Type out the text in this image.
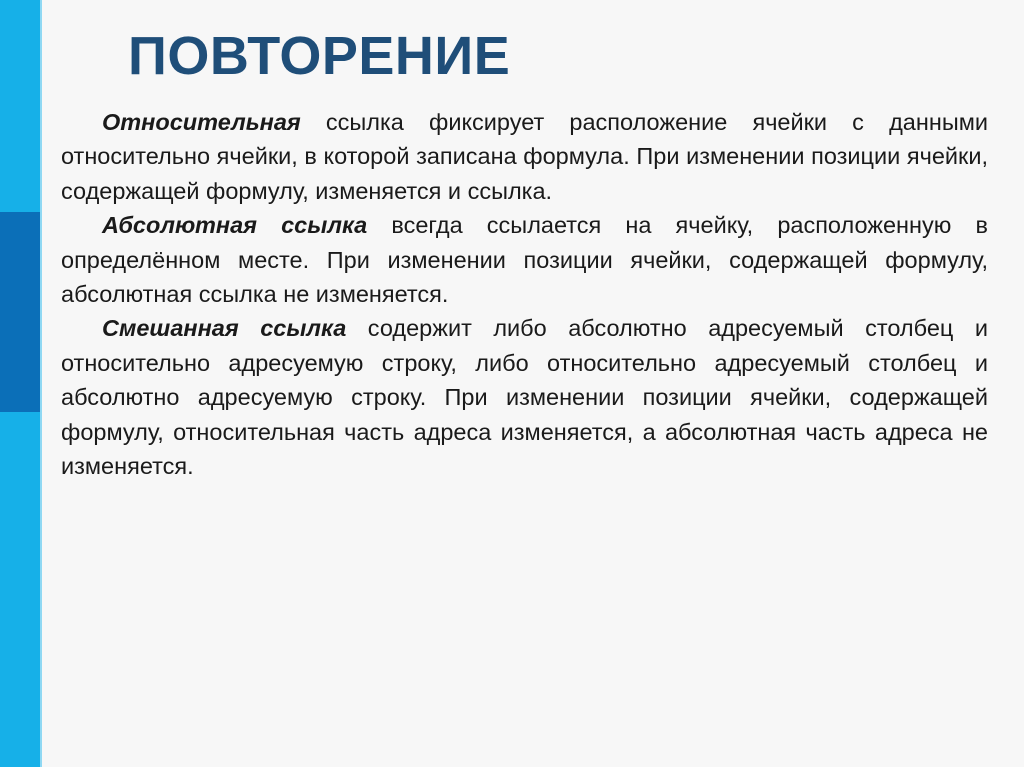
ПОВТОРЕНИЕ

Относительная ссылка фиксирует расположение ячейки с данными относительно ячейки, в которой записана формула. При изменении позиции ячейки, содержащей формулу, изменяется и ссылка.

Абсолютная ссылка всегда ссылается на ячейку, расположенную в определённом месте. При изменении позиции ячейки, содержащей формулу, абсолютная ссылка не изменяется.

Смешанная ссылка содержит либо абсолютно адресуемый столбец и относительно адресуемую строку, либо относительно адресуемый столбец и абсолютно адресуемую строку. При изменении позиции ячейки, содержащей формулу, относительная часть адреса изменяется, а абсолютная часть адреса не изменяется.
